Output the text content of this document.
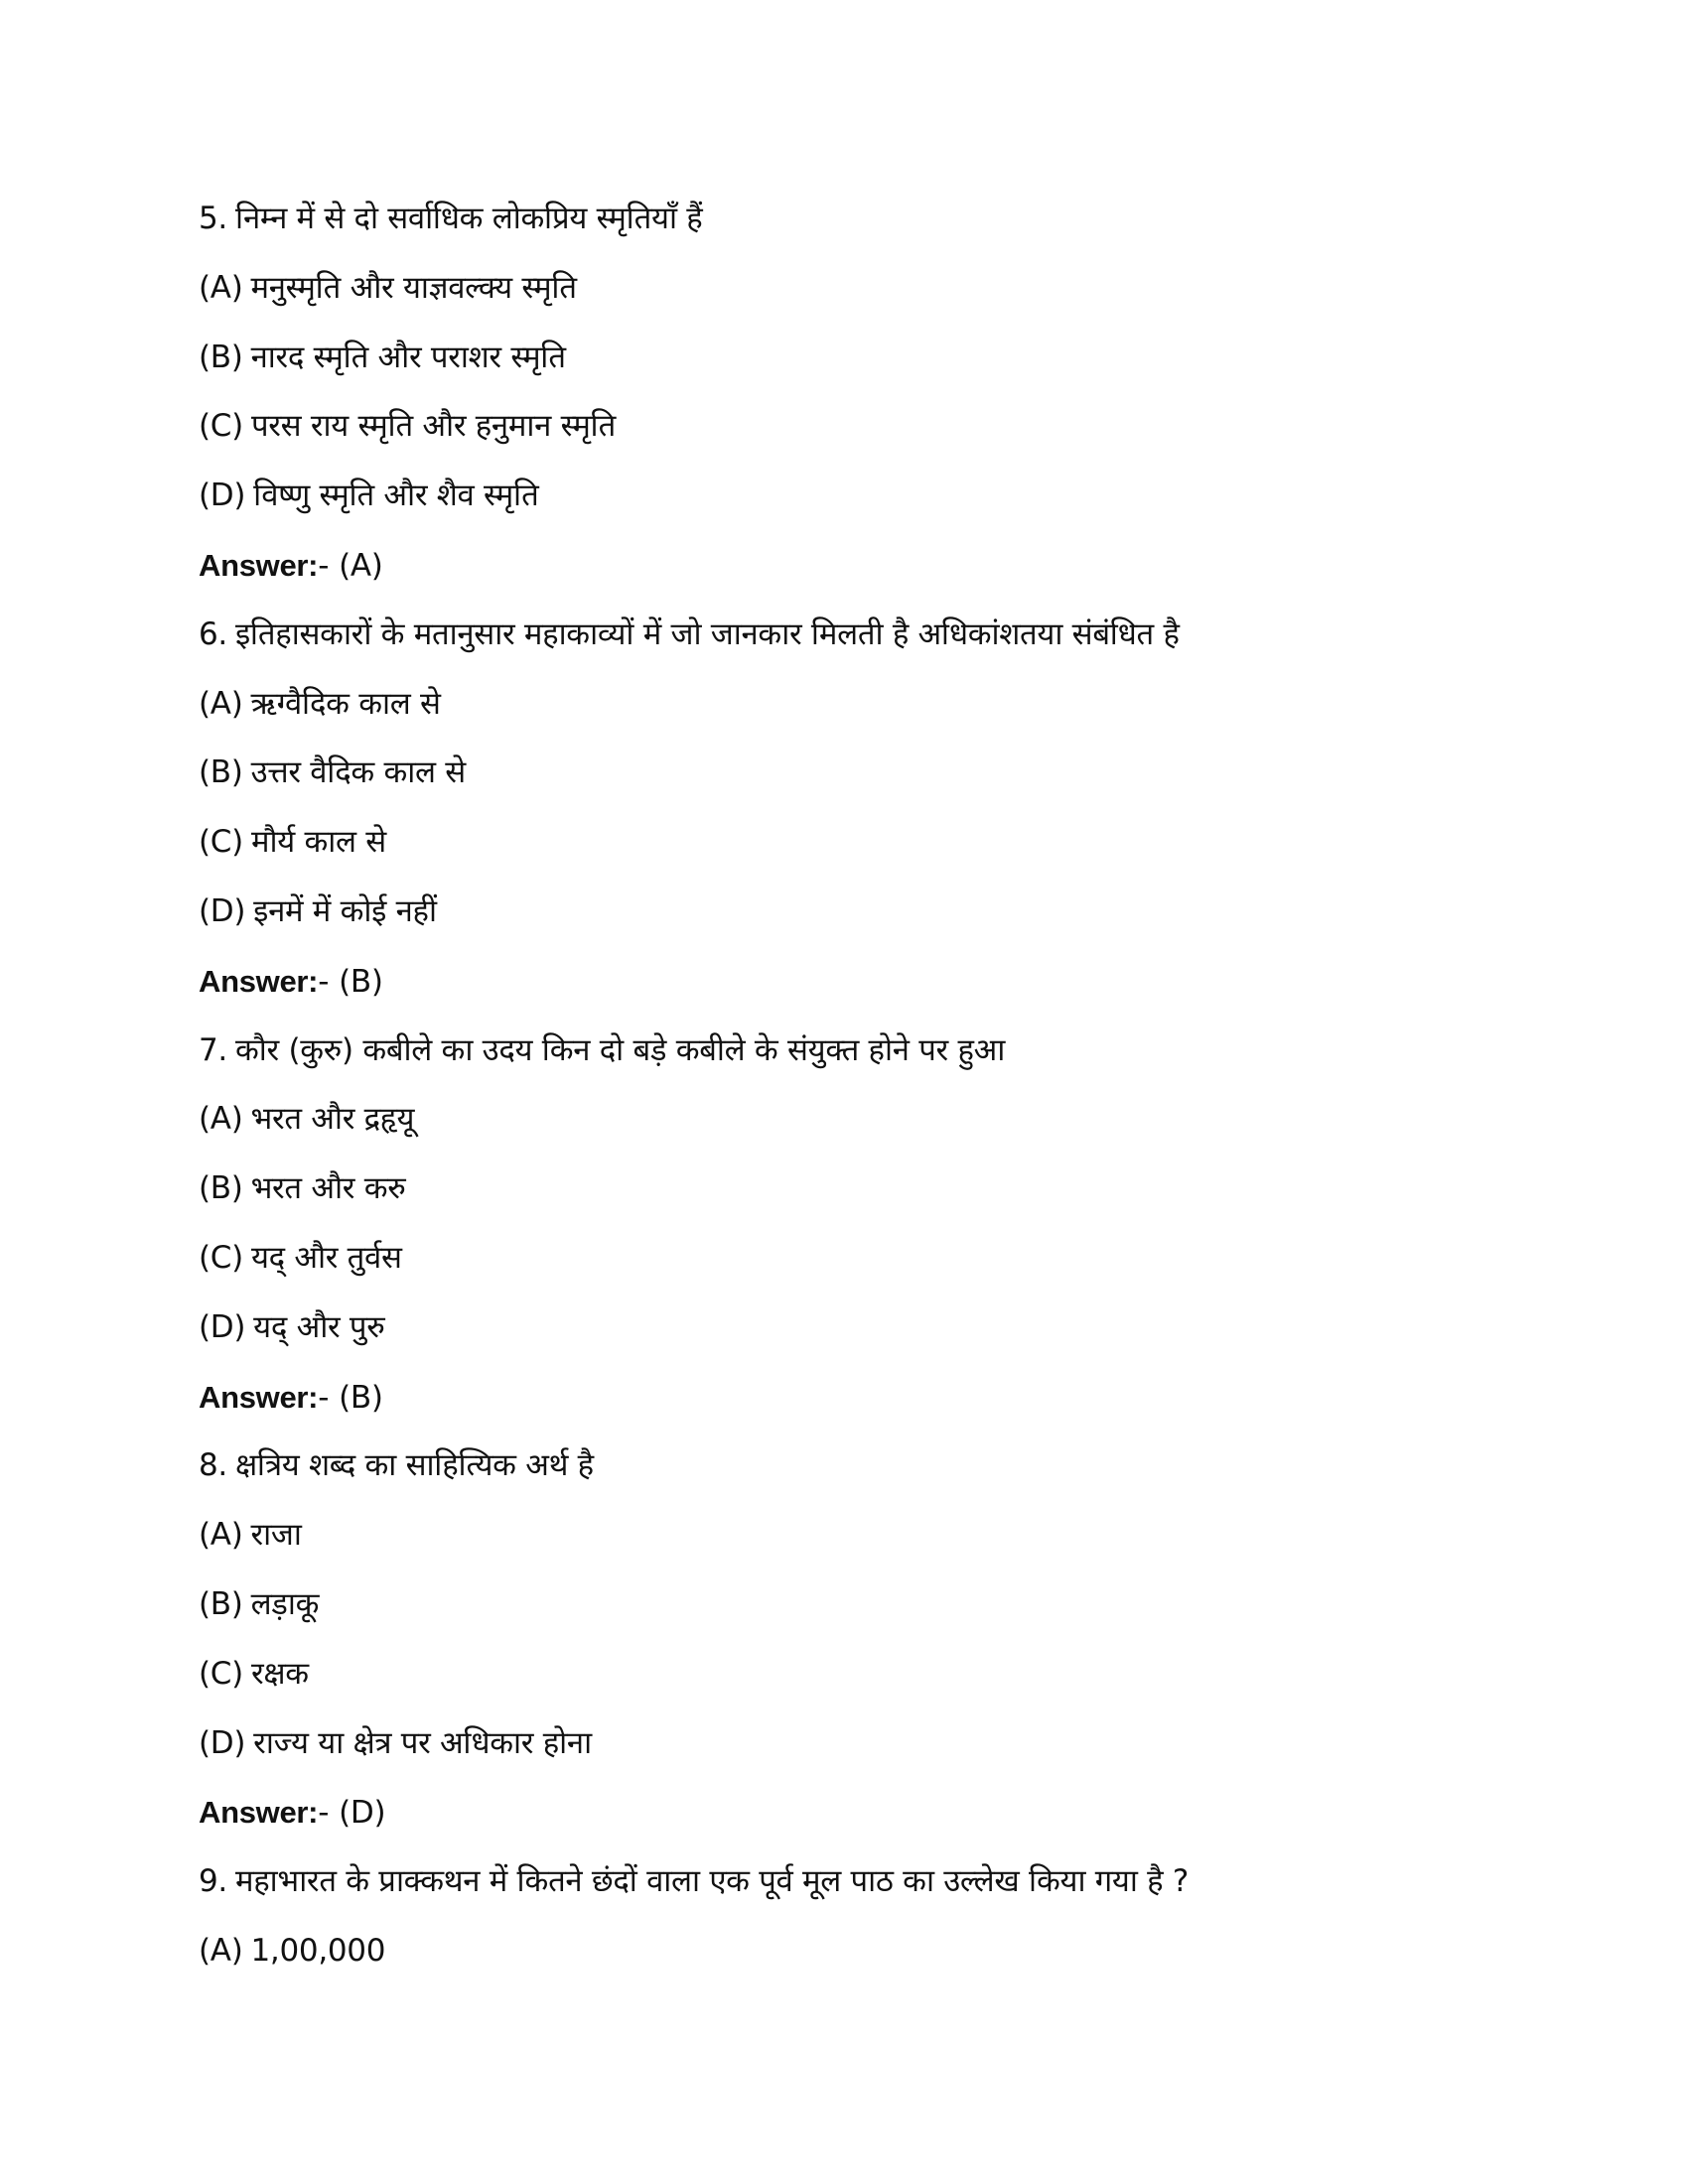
5. निम्न में से दो सर्वाधिक लोकप्रिय स्मृतियाँ हैं
(A) मनुस्मृति और याज्ञवल्क्य स्मृति
(B) नारद स्मृति और पराशर स्मृति
(C) परस राय स्मृति और हनुमान स्मृति
(D) विष्णु स्मृति और शैव स्मृति
Answer:- (A)
6. इतिहासकारों के मतानुसार महाकाव्यों में जो जानकार मिलती है अधिकांशतया संबंधित है
(A) ऋग्वैदिक काल से
(B) उत्तर वैदिक काल से
(C) मौर्य काल से
(D) इनमें में कोई नहीं
Answer:- (B)
7. कौर (कुरु) कबीले का उदय किन दो बड़े कबीले के संयुक्त होने पर हुआ
(A) भरत और द्रहृयू
(B) भरत और करु
(C) यद् और तुर्वस
(D) यद् और पुरु
Answer:- (B)
8. क्षत्रिय शब्द का साहित्यिक अर्थ है
(A) राजा
(B) लड़ाकू
(C) रक्षक
(D) राज्य या क्षेत्र पर अधिकार होना
Answer:- (D)
9. महाभारत के प्राक्कथन में कितने छंदों वाला एक पूर्व मूल पाठ का उल्लेख किया गया है ?
(A) 1,00,000
